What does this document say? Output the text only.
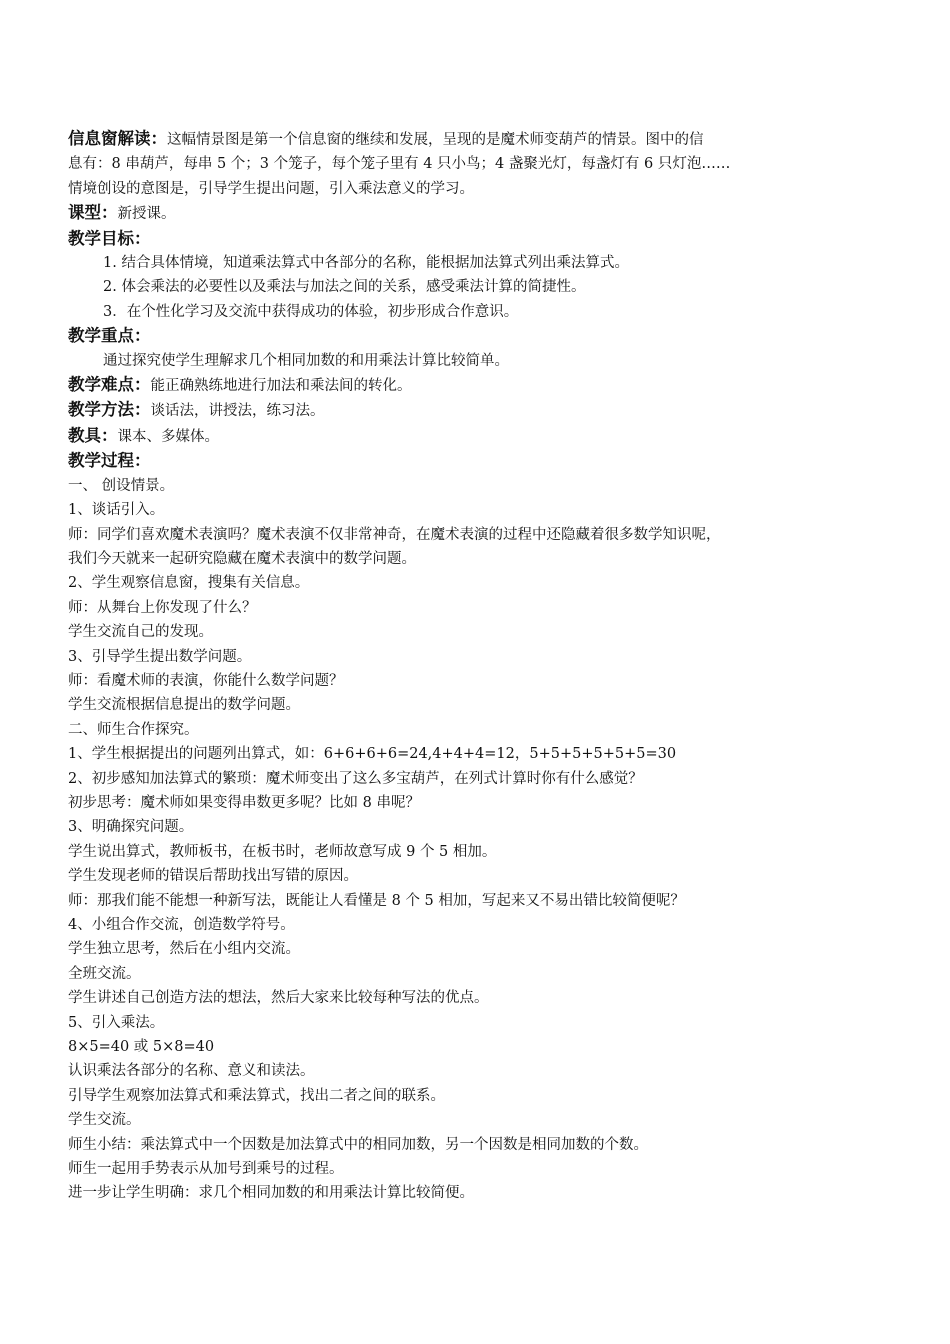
信息窗解读：这幅情景图是第一个信息窗的继续和发展，呈现的是魔术师变葫芦的情景。图中的信
息有：8 串葫芦，每串 5 个；3 个笼子，每个笼子里有 4 只小鸟；4 盏聚光灯，每盏灯有 6 只灯泡……
情境创设的意图是，引导学生提出问题，引入乘法意义的学习。
课型：新授课。
教学目标：
1. 结合具体情境，知道乘法算式中各部分的名称，能根据加法算式列出乘法算式。
2. 体会乘法的必要性以及乘法与加法之间的关系，感受乘法计算的简捷性。
3．在个性化学习及交流中获得成功的体验，初步形成合作意识。
教学重点：
通过探究使学生理解求几个相同加数的和用乘法计算比较简单。
教学难点：能正确熟练地进行加法和乘法间的转化。
教学方法：谈话法，讲授法，练习法。
教具：课本、多媒体。
教学过程：
一、 创设情景。
1、谈话引入。
师：同学们喜欢魔术表演吗？魔术表演不仅非常神奇，在魔术表演的过程中还隐藏着很多数学知识呢，
我们今天就来一起研究隐藏在魔术表演中的数学问题。
2、学生观察信息窗，搜集有关信息。
师：从舞台上你发现了什么？
学生交流自己的发现。
3、引导学生提出数学问题。
师：看魔术师的表演，你能什么数学问题？
学生交流根据信息提出的数学问题。
二、师生合作探究。
1、学生根据提出的问题列出算式，如：6+6+6+6=24,4+4+4=12，5+5+5+5+5+5=30
2、初步感知加法算式的繁琐：魔术师变出了这么多宝葫芦，在列式计算时你有什么感觉？
初步思考：魔术师如果变得串数更多呢？比如 8 串呢？
3、明确探究问题。
学生说出算式，教师板书，在板书时，老师故意写成 9 个 5 相加。
学生发现老师的错误后帮助找出写错的原因。
师：那我们能不能想一种新写法，既能让人看懂是 8 个 5 相加，写起来又不易出错比较简便呢？
4、小组合作交流，创造数学符号。
学生独立思考，然后在小组内交流。
全班交流。
学生讲述自己创造方法的想法，然后大家来比较每种写法的优点。
5、引入乘法。
8×5=40 或 5×8=40
认识乘法各部分的名称、意义和读法。
引导学生观察加法算式和乘法算式，找出二者之间的联系。
学生交流。
师生小结：乘法算式中一个因数是加法算式中的相同加数，另一个因数是相同加数的个数。
师生一起用手势表示从加号到乘号的过程。
进一步让学生明确：求几个相同加数的和用乘法计算比较简便。
